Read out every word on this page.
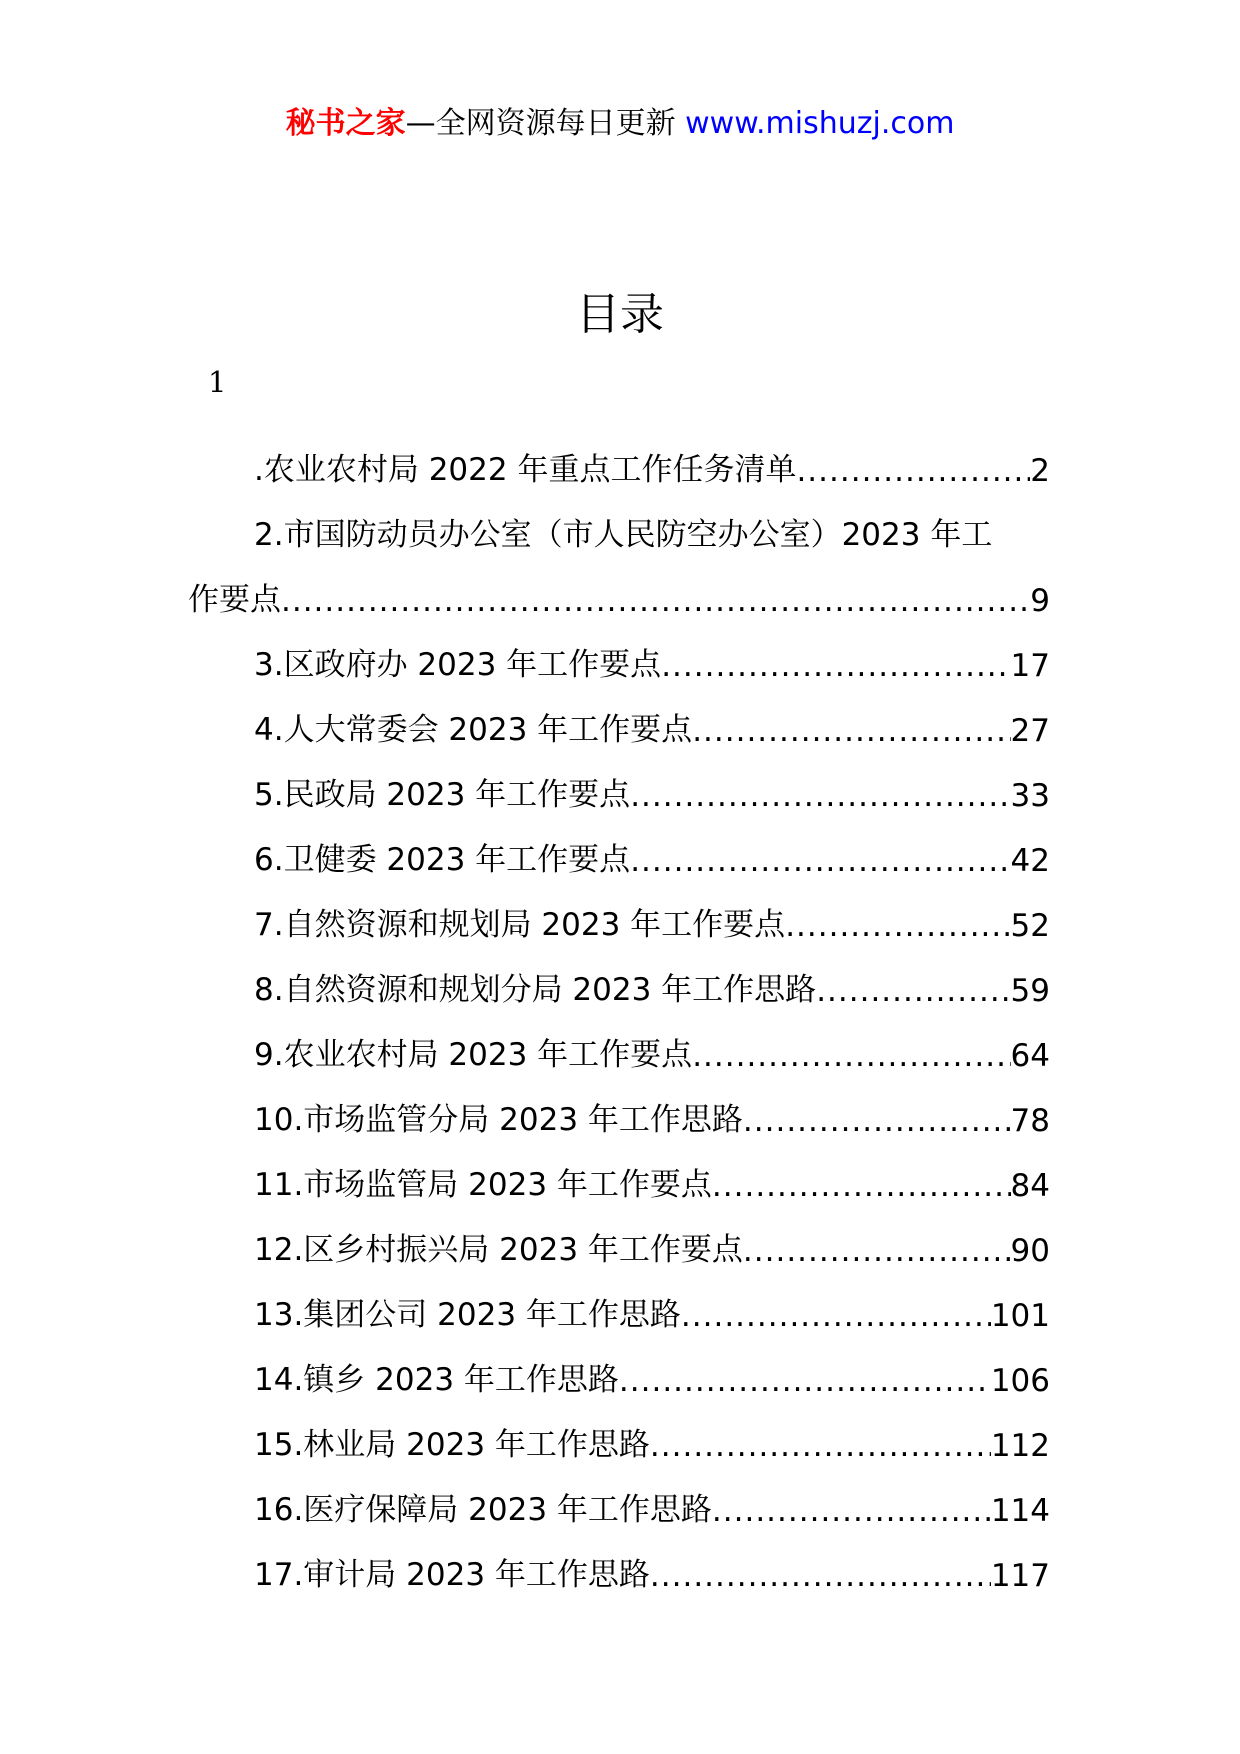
秘书之家—全网资源每日更新 www.mishuzj.com
目录
1
.农业农村局 2022 年重点工作任务清单 .....	2
2.市国防动员办公室（市人民防空办公室）2023 年工
作要点 .....	9
3.区政府办 2023 年工作要点 .....	17
4.人大常委会 2023 年工作要点 .....	27
5.民政局 2023 年工作要点 .....	33
6.卫健委 2023 年工作要点 .....	42
7.自然资源和规划局 2023 年工作要点 .....	52
8.自然资源和规划分局 2023 年工作思路 .....	59
9.农业农村局 2023 年工作要点 .....	64
10.市场监管分局 2023 年工作思路 .....	78
11.市场监管局 2023 年工作要点 .....	84
12.区乡村振兴局 2023 年工作要点 .....	90
13.集团公司 2023 年工作思路 .....	101
14.镇乡 2023 年工作思路 .....	106
15.林业局 2023 年工作思路 .....	112
16.医疗保障局 2023 年工作思路 .....	114
17.审计局 2023 年工作思路 .....	117
